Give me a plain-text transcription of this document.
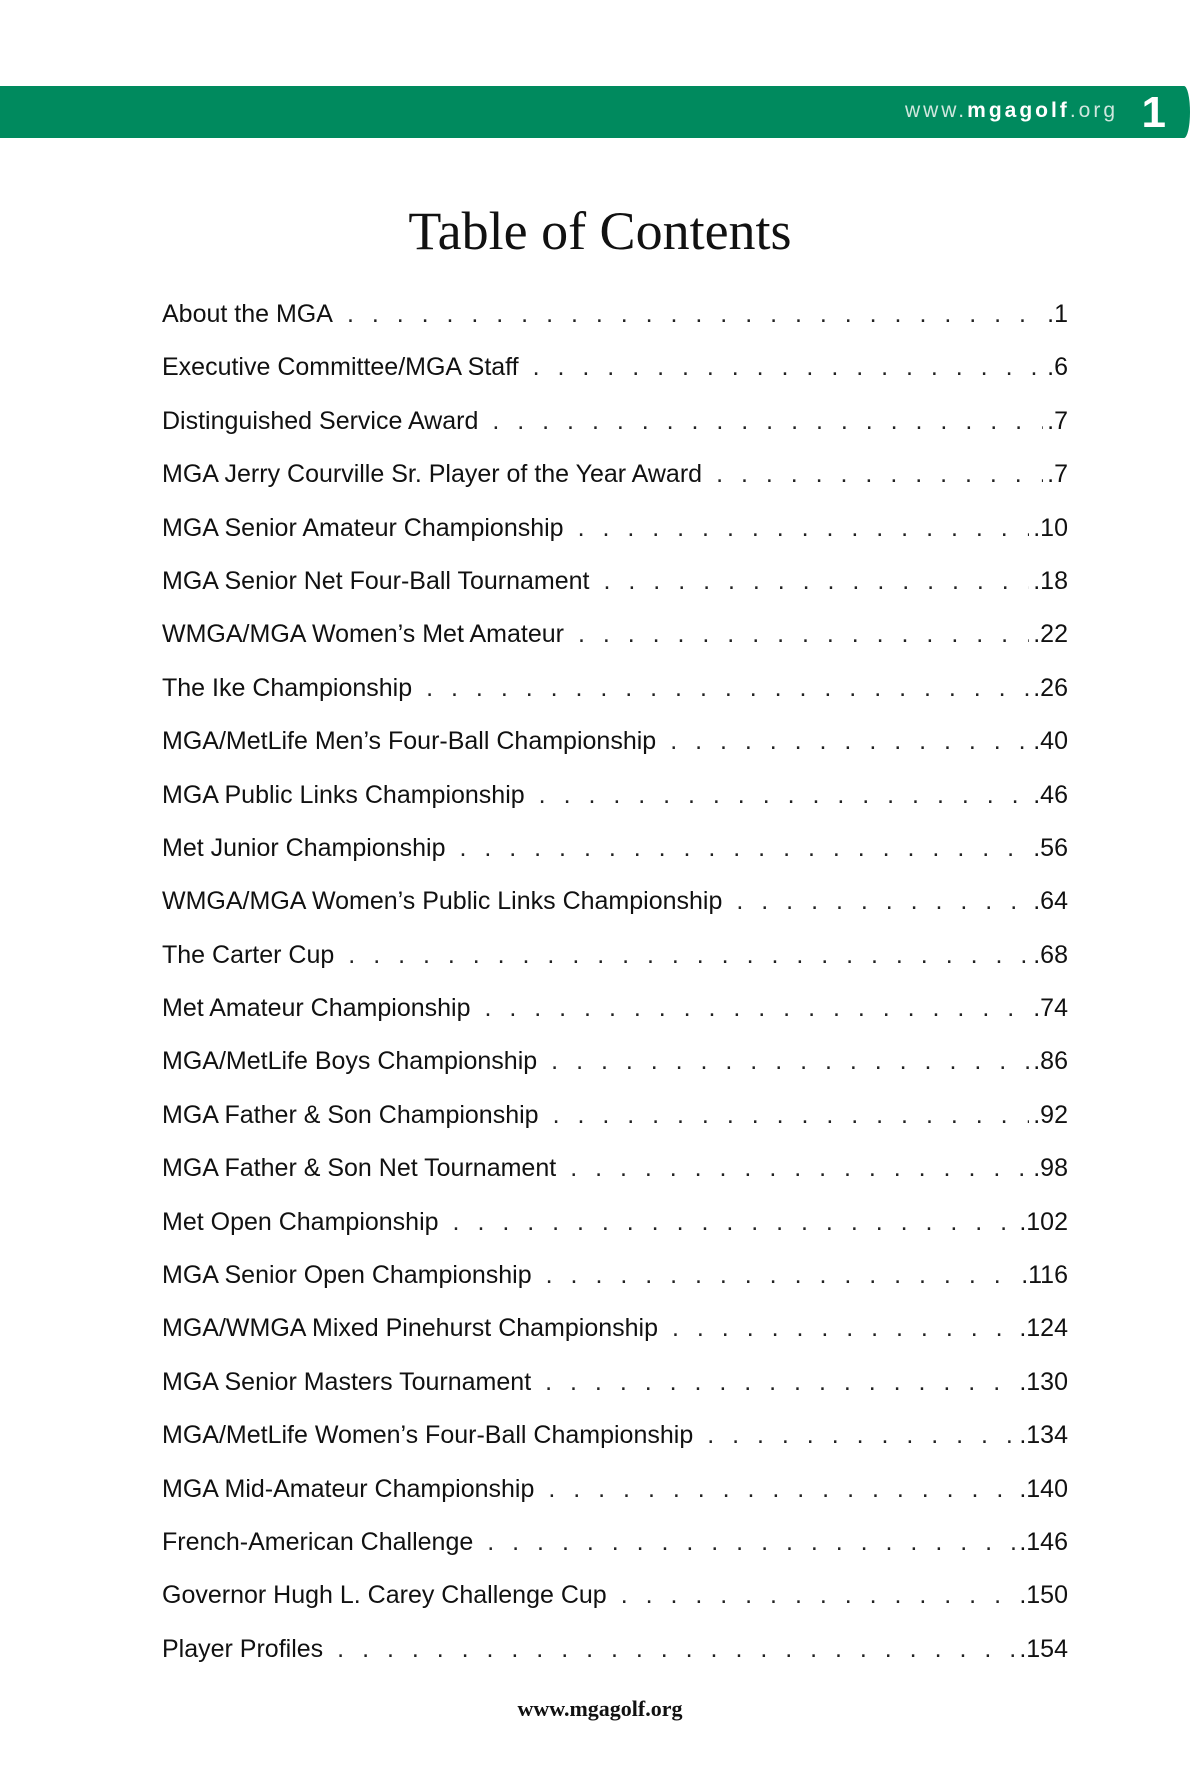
www.mgagolf.org 1
Table of Contents
About the MGA . . .	.1
Executive Committee/MGA Staff . . .	.6
Distinguished Service Award . . .	.7
MGA Jerry Courville Sr. Player of the Year Award . . .	.7
MGA Senior Amateur Championship . . .	.10
MGA Senior Net Four-Ball Tournament . . .	.18
WMGA/MGA Women’s Met Amateur . . .	.22
The Ike Championship . . .	.26
MGA/MetLife Men’s Four-Ball Championship . . .	.40
MGA Public Links Championship . . .	.46
Met Junior Championship . . .	.56
WMGA/MGA Women’s Public Links Championship . . .	.64
The Carter Cup . . .	.68
Met Amateur Championship . . .	.74
MGA/MetLife Boys Championship . . .	.86
MGA Father & Son Championship . . .	.92
MGA Father & Son Net Tournament . . .	.98
Met Open Championship . . .	.102
MGA Senior Open Championship . . .	.116
MGA/WMGA Mixed Pinehurst Championship . . .	.124
MGA Senior Masters Tournament . . .	.130
MGA/MetLife Women’s Four-Ball Championship . . .	.134
MGA Mid-Amateur Championship . . .	.140
French-American Challenge . . .	.146
Governor Hugh L. Carey Challenge Cup . . .	.150
Player Profiles . . .	.154
www.mgagolf.org
